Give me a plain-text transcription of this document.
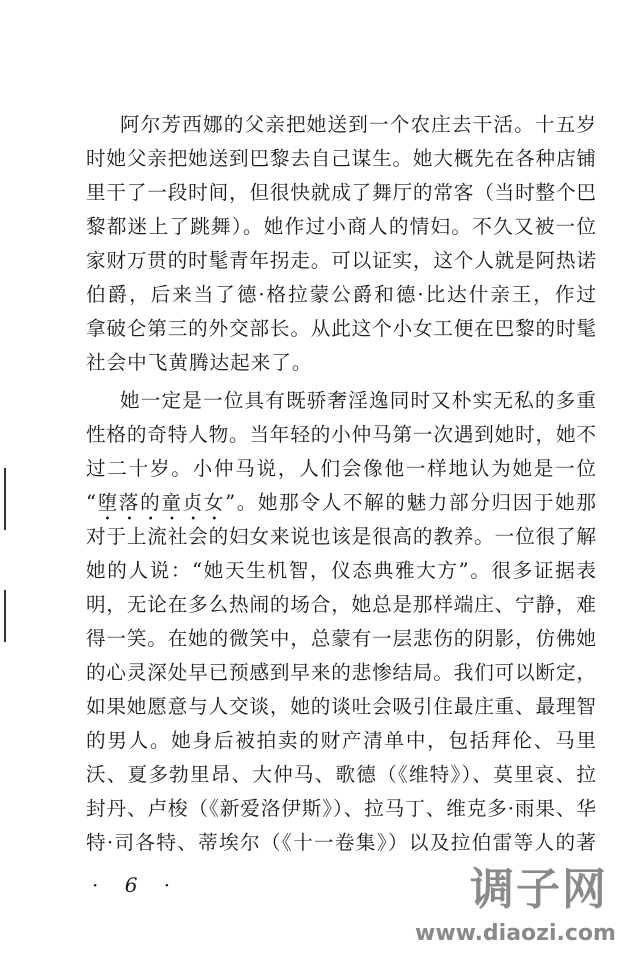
阿尔芳西娜的父亲把她送到一个农庄去干活。十五岁
时她父亲把她送到巴黎去自己谋生。她大概先在各种店铺
里干了一段时间，但很快就成了舞厅的常客（当时整个巴
黎都迷上了跳舞）。她作过小商人的情妇。不久又被一位
家财万贯的时髦青年拐走。可以证实，这个人就是阿热诺
伯爵，后来当了德·格拉蒙公爵和德·比达什亲王，作过
拿破仑第三的外交部长。从此这个小女工便在巴黎的时髦
社会中飞黄腾达起来了。
她一定是一位具有既骄奢淫逸同时又朴实无私的多重
性格的奇特人物。当年轻的小仲马第一次遇到她时，她不
过二十岁。小仲马说，人们会像他一样地认为她是一位
“堕落的童贞女”。她那令人不解的魅力部分归因于她那
对于上流社会的妇女来说也该是很高的教养。一位很了解
她的人说：“她天生机智，仪态典雅大方”。很多证据表
明，无论在多么热闹的场合，她总是那样端庄、宁静，难
得一笑。在她的微笑中，总蒙有一层悲伤的阴影，仿佛她
的心灵深处早已预感到早来的悲惨结局。我们可以断定，
如果她愿意与人交谈，她的谈吐会吸引住最庄重、最理智
的男人。她身后被拍卖的财产清单中，包括拜伦、马里
沃、夏多勃里昂、大仲马、歌德（《维特》）、莫里哀、拉
封丹、卢梭（《新爱洛伊斯》）、拉马丁、维克多·雨果、华
特·司各特、蒂埃尔（《十一卷集》）以及拉伯雷等人的著
· 6 ·	调子网
www.diaozi.com
